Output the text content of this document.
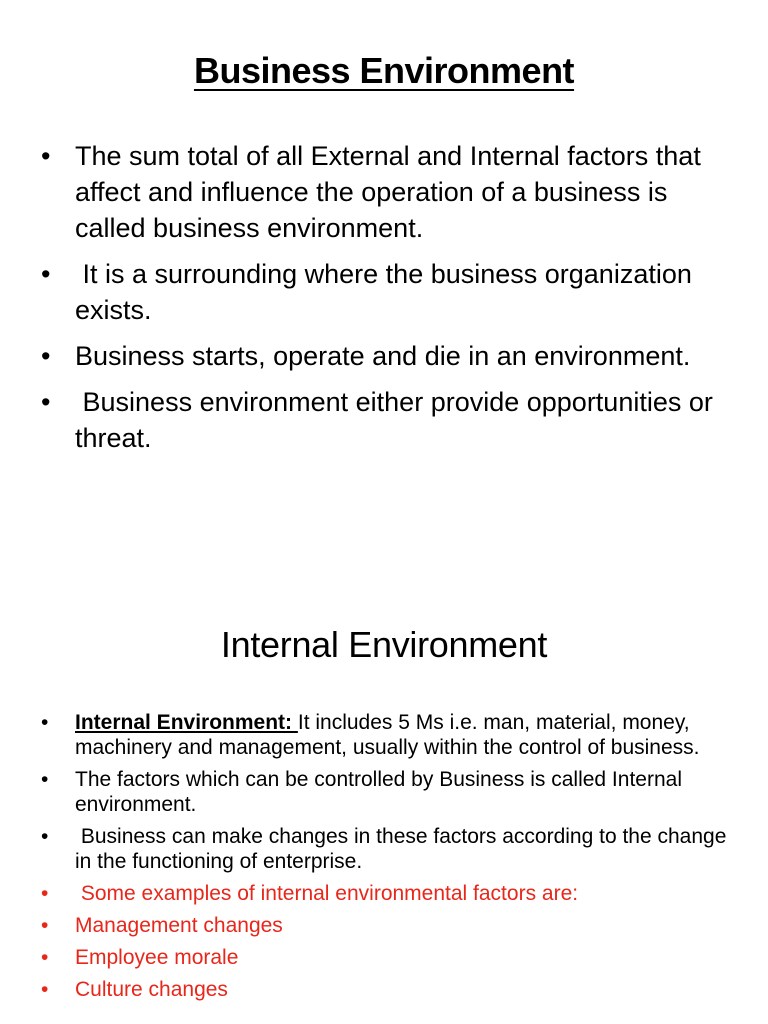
Business Environment
• The sum total of all External and Internal factors that affect and influence the operation of a business is called business environment.
• It is a surrounding where the business organization exists.
• Business starts, operate and die in an environment.
• Business environment either provide opportunities or threat.
Internal Environment
• Internal Environment: It includes 5 Ms i.e. man, material, money, machinery and management, usually within the control of business.
• The factors which can be controlled by Business is called Internal environment.
• Business can make changes in these factors according to the change in the functioning of enterprise.
• Some examples of internal environmental factors are:
• Management changes
• Employee morale
• Culture changes
